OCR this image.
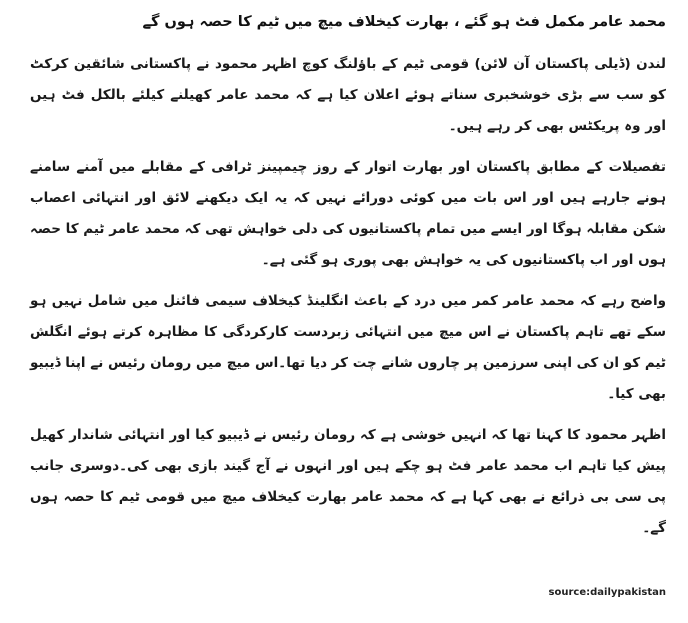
محمد عامر مکمل فٹ ہو گئے ، بھارت کیخلاف میچ میں ٹیم کا حصہ ہوں گے

لندن (ڈیلی پاکستان آن لائن) قومی ٹیم کے باؤلنگ کوچ اظہر محمود نے پاکستانی شائقین کرکٹ کو سب سے بڑی خوشخبری سناتے ہوئے اعلان کیا ہے کہ محمد عامر کھیلنے کیلئے بالکل فٹ ہیں اور وہ پریکٹس بھی کر رہے ہیں۔

تفصیلات کے مطابق پاکستان اور بھارت اتوار کے روز چیمپینز ٹرافی کے مقابلے میں آمنے سامنے ہونے جارہے ہیں اور اس بات میں کوئی دورائے نہیں کہ یہ ایک دیکھنے لائق اور انتہائی اعصاب شکن مقابلہ ہوگا اور ایسے میں تمام پاکستانیوں کی دلی خواہش تھی کہ محمد عامر ٹیم کا حصہ ہوں اور اب پاکستانیوں کی یہ خواہش بھی پوری ہو گئی ہے۔

واضح رہے کہ محمد عامر کمر میں درد کے باعث انگلینڈ کیخلاف سیمی فائنل میں شامل نہیں ہو سکے تھے تاہم پاکستان نے اس میچ میں انتہائی زبردست کارکردگی کا مظاہرہ کرتے ہوئے انگلش ٹیم کو ان کی اپنی سرزمین پر چاروں شانے چت کر دیا تھا۔اس میچ میں رومان رئیس نے اپنا ڈیبیو بھی کیا۔

اظہر محمود کا کہنا تھا کہ انہیں خوشی ہے کہ رومان رئیس نے ڈیبیو کیا اور انتہائی شاندار کھیل پیش کیا تاہم اب محمد عامر فٹ ہو چکے ہیں اور انہوں نے آج گیند بازی بھی کی۔دوسری جانب پی سی بی ذرائع نے بھی کہا ہے کہ محمد عامر بھارت کیخلاف میچ میں قومی ٹیم کا حصہ ہوں گے۔

source:dailypakistan
